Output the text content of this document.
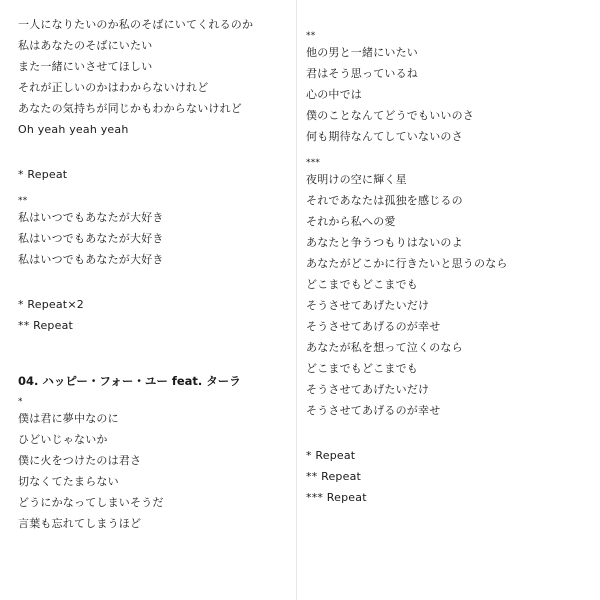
一人になりたいのか私のそばにいてくれるのか
私はあなたのそばにいたい
また一緒にいさせてほしい
それが正しいのかはわからないけれど
あなたの気持ちが同じかもわからないけれど
Oh yeah yeah yeah
* Repeat
**
私はいつでもあなたが大好き
私はいつでもあなたが大好き
私はいつでもあなたが大好き
* Repeat×2
** Repeat
04. ハッピー・フォー・ユー feat. ターラ
*
僕は君に夢中なのに
ひどいじゃないか
僕に火をつけたのは君さ
切なくてたまらない
どうにかなってしまいそうだ
言葉も忘れてしまうほど
**
他の男と一緒にいたい
君はそう思っているね
心の中では
僕のことなんてどうでもいいのさ
何も期待なんてしていないのさ
***
夜明けの空に輝く星
それであなたは孤独を感じるの
それから私への愛
あなたと争うつもりはないのよ
あなたがどこかに行きたいと思うのなら
どこまでもどこまでも
そうさせてあげたいだけ
そうさせてあげるのが幸せ
あなたが私を想って泣くのなら
どこまでもどこまでも
そうさせてあげたいだけ
そうさせてあげるのが幸せ
* Repeat
** Repeat
*** Repeat
